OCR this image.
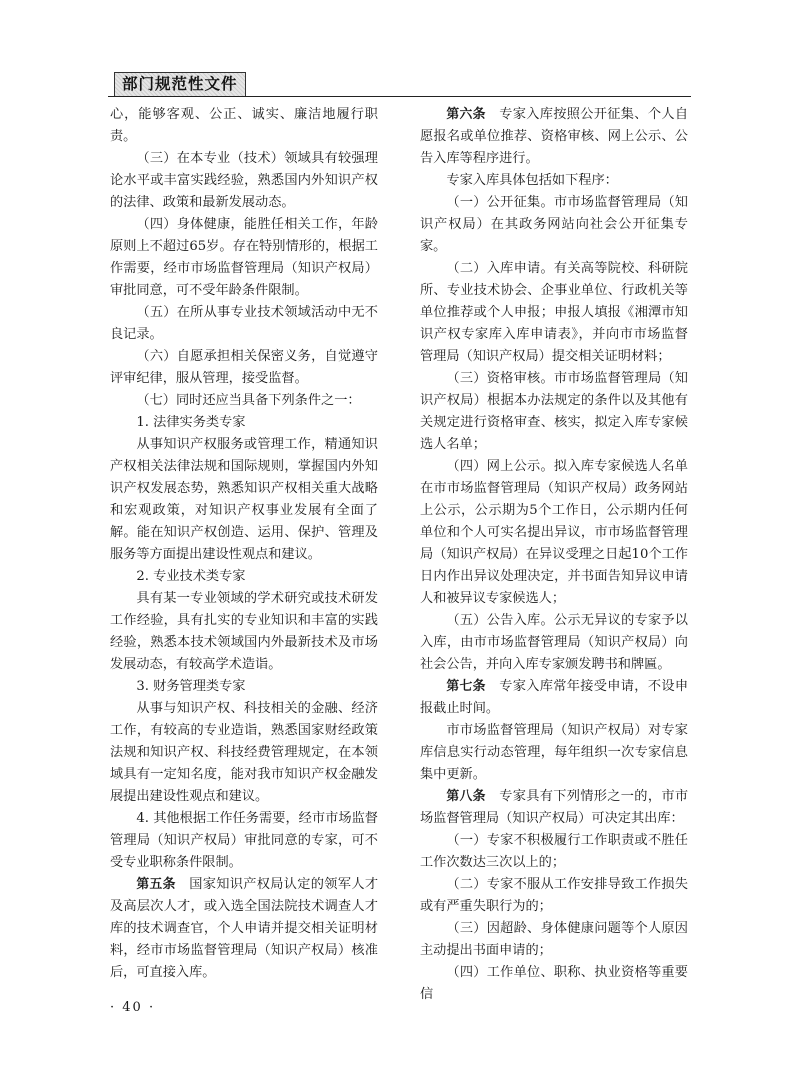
部门规范性文件

心，能够客观、公正、诚实、廉洁地履行职责。

（三）在本专业（技术）领域具有较强理论水平或丰富实践经验，熟悉国内外知识产权的法律、政策和最新发展动态。

（四）身体健康，能胜任相关工作，年龄原则上不超过65岁。存在特别情形的，根据工作需要，经市市场监督管理局（知识产权局）审批同意，可不受年龄条件限制。

（五）在所从事专业技术领域活动中无不良记录。

（六）自愿承担相关保密义务，自觉遵守评审纪律，服从管理，接受监督。

（七）同时还应当具备下列条件之一：

1. 法律实务类专家

从事知识产权服务或管理工作，精通知识产权相关法律法规和国际规则，掌握国内外知识产权发展态势，熟悉知识产权相关重大战略和宏观政策，对知识产权事业发展有全面了解。能在知识产权创造、运用、保护、管理及服务等方面提出建设性观点和建议。

2. 专业技术类专家

具有某一专业领域的学术研究或技术研发工作经验，具有扎实的专业知识和丰富的实践经验，熟悉本技术领域国内外最新技术及市场发展动态，有较高学术造诣。

3. 财务管理类专家

从事与知识产权、科技相关的金融、经济工作，有较高的专业造诣，熟悉国家财经政策法规和知识产权、科技经费管理规定，在本领域具有一定知名度，能对我市知识产权金融发展提出建设性观点和建议。

4. 其他根据工作任务需要，经市市场监督管理局（知识产权局）审批同意的专家，可不受专业职称条件限制。

第五条　国家知识产权局认定的领军人才及高层次人才，或入选全国法院技术调查人才库的技术调查官，个人申请并提交相关证明材料，经市市场监督管理局（知识产权局）核准后，可直接入库。

第六条　专家入库按照公开征集、个人自愿报名或单位推荐、资格审核、网上公示、公告入库等程序进行。

专家入库具体包括如下程序：

（一）公开征集。市市场监督管理局（知识产权局）在其政务网站向社会公开征集专家。

（二）入库申请。有关高等院校、科研院所、专业技术协会、企事业单位、行政机关等单位推荐或个人申报；申报人填报《湘潭市知识产权专家库入库申请表》，并向市市场监督管理局（知识产权局）提交相关证明材料；

（三）资格审核。市市场监督管理局（知识产权局）根据本办法规定的条件以及其他有关规定进行资格审查、核实，拟定入库专家候选人名单；

（四）网上公示。拟入库专家候选人名单在市市场监督管理局（知识产权局）政务网站上公示，公示期为5个工作日，公示期内任何单位和个人可实名提出异议，市市场监督管理局（知识产权局）在异议受理之日起10个工作日内作出异议处理决定，并书面告知异议申请人和被异议专家候选人；

（五）公告入库。公示无异议的专家予以入库，由市市场监督管理局（知识产权局）向社会公告，并向入库专家颁发聘书和牌匾。

第七条　专家入库常年接受申请，不设申报截止时间。

市市场监督管理局（知识产权局）对专家库信息实行动态管理，每年组织一次专家信息集中更新。

第八条　专家具有下列情形之一的，市市场监督管理局（知识产权局）可决定其出库：

（一）专家不积极履行工作职责或不胜任工作次数达三次以上的；

（二）专家不服从工作安排导致工作损失或有严重失职行为的；

（三）因超龄、身体健康问题等个人原因主动提出书面申请的；

（四）工作单位、职称、执业资格等重要信

· 40 ·
